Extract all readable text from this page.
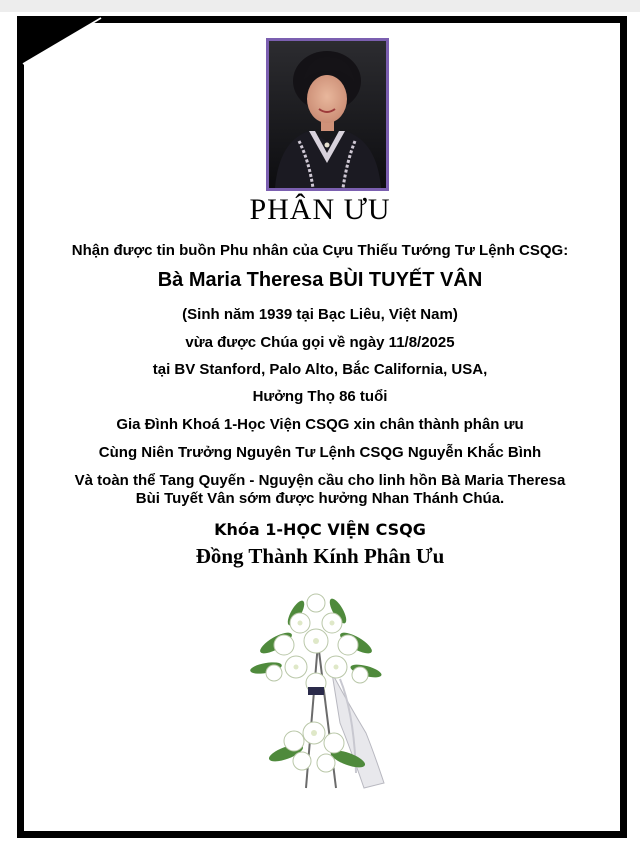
PHÂN ƯU
Nhận được tin buồn Phu nhân của Cựu Thiếu Tướng Tư Lệnh CSQG:
Bà Maria Theresa BÙI TUYẾT VÂN
(Sinh năm 1939 tại Bạc Liêu, Việt Nam)
vừa được Chúa gọi về ngày 11/8/2025
tại BV Stanford, Palo Alto, Bắc California, USA,
Hưởng Thọ 86 tuổi
Gia Đình Khoá 1-Học Viện CSQG xin chân thành phân ưu
Cùng Niên Trưởng Nguyên Tư Lệnh CSQG Nguyễn Khắc Bình
Và toàn thể Tang Quyến - Nguyện cầu cho linh hồn Bà Maria Theresa
Bùi Tuyết Vân sớm được hưởng Nhan Thánh Chúa.
Khóa 1-HỌC VIỆN CSQG
Đồng Thành Kính Phân Ưu
